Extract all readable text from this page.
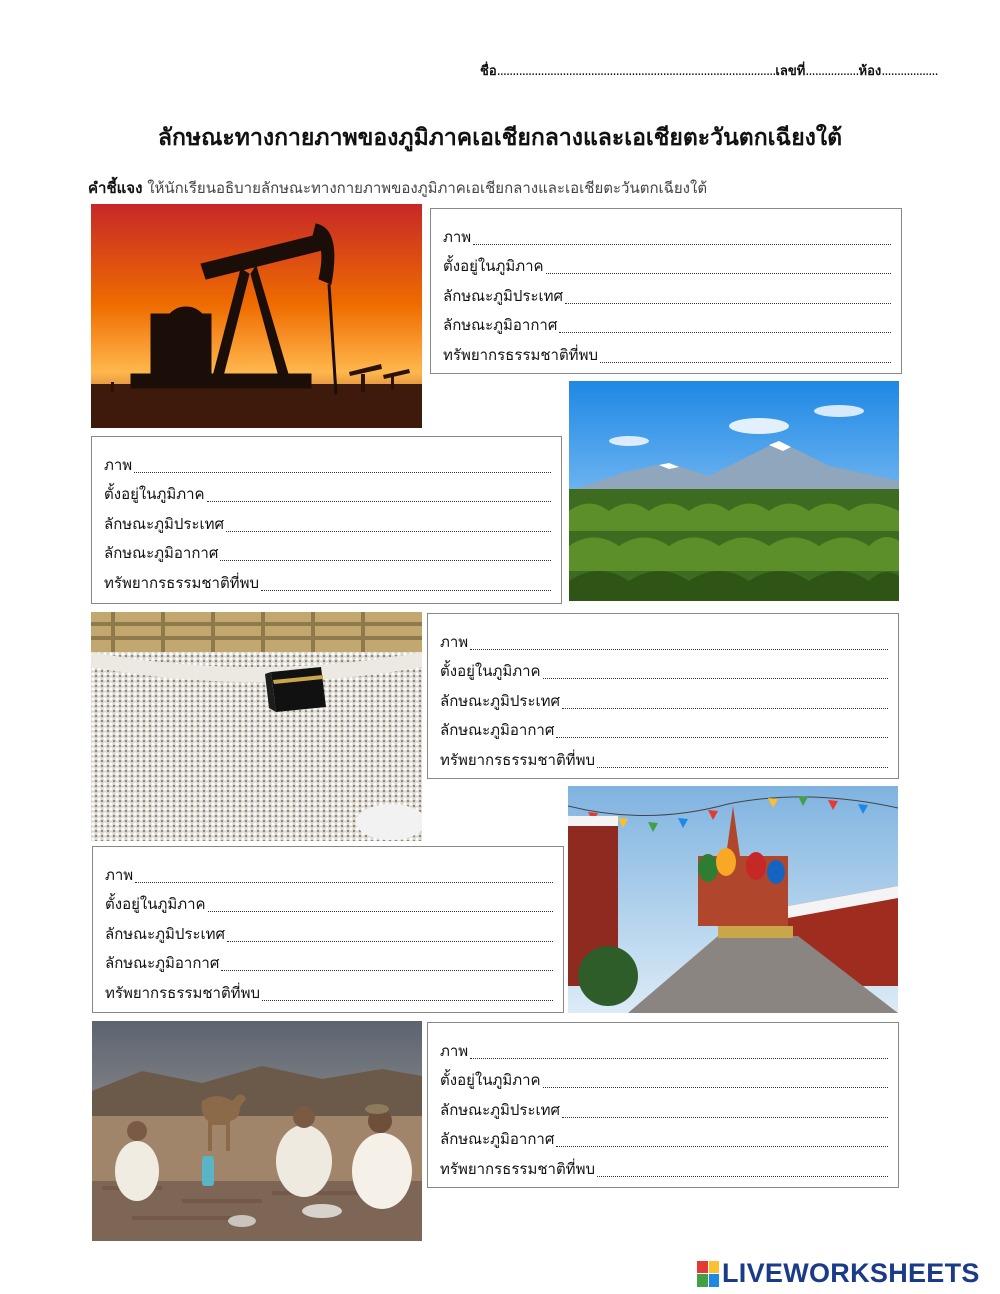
ชื่อ.........................................................................................เลขที่.................ห้อง..................
ลักษณะทางกายภาพของภูมิภาคเอเชียกลางและเอเชียตะวันตกเฉียงใต้
คำชี้แจง ให้นักเรียนอธิบายลักษณะทางกายภาพของภูมิภาคเอเชียกลางและเอเชียตะวันตกเฉียงใต้
ภาพ
ตั้งอยู่ในภูมิภาค
ลักษณะภูมิประเทศ
ลักษณะภูมิอากาศ
ทรัพยากรธรรมชาติที่พบ
ภาพ
ตั้งอยู่ในภูมิภาค
ลักษณะภูมิประเทศ
ลักษณะภูมิอากาศ
ทรัพยากรธรรมชาติที่พบ
ภาพ
ตั้งอยู่ในภูมิภาค
ลักษณะภูมิประเทศ
ลักษณะภูมิอากาศ
ทรัพยากรธรรมชาติที่พบ
ภาพ
ตั้งอยู่ในภูมิภาค
ลักษณะภูมิประเทศ
ลักษณะภูมิอากาศ
ทรัพยากรธรรมชาติที่พบ
ภาพ
ตั้งอยู่ในภูมิภาค
ลักษณะภูมิประเทศ
ลักษณะภูมิอากาศ
ทรัพยากรธรรมชาติที่พบ
LIVEWORKSHEETS
